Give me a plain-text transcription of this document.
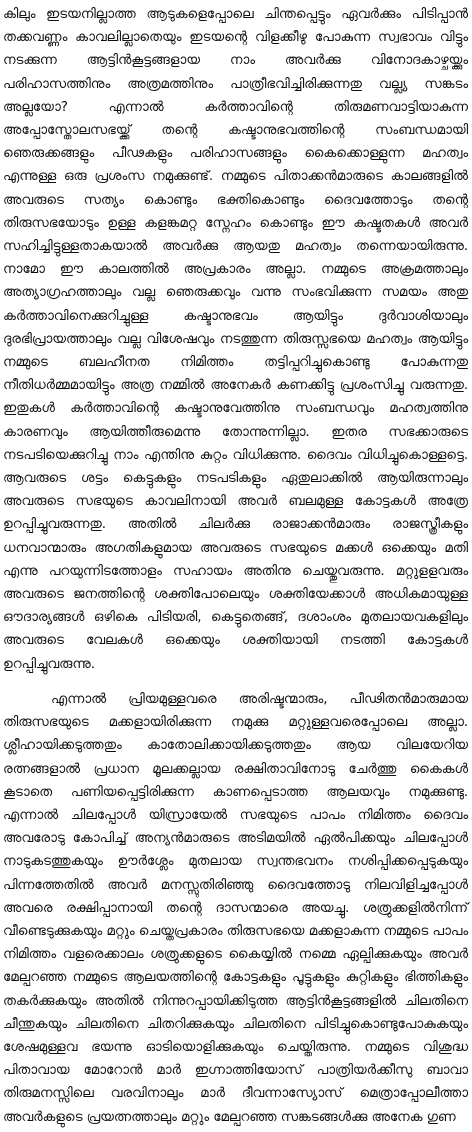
കിലും ഇടയനില്ലാത്ത ആടുകളെപ്പോലെ ചിന്തപ്പെട്ടും ഏവർക്കും പിടിപ്പാൻ തക്കവണ്ണം കാവലില്ലാതെയും ഇടയന്റെ വിളക്കീഴു പോകുന്ന സ്വഭാവം വിട്ടും നടക്കുന്ന ആട്ടിൻകൂട്ടങ്ങളായ നാം അവർക്കു വിനോദകാഴ്ചയ്ക്കും പരിഹാസത്തിനും അത്രമത്തിനും പാത്രീഭവിച്ചിരിക്കുന്നതു വല്ല്യ സങ്കടം അല്ലയോ? എന്നാൽ കർത്താവിന്റെ തിരുമണവാട്ടിയാകുന്ന അപ്പോസ്തോലസഭയ്ക്ക് തന്റെ കഷ്ടാനുഭവത്തിന്റെ സംബന്ധമായി ഞെരുക്കങ്ങളും പീഢകളും പരിഹാസങ്ങളും കൈക്കൊള്ളുന്ന മഹത്വം എന്നുള്ള ഒരു പ്രശംസ നമുക്കുണ്ട്. നമ്മുടെ പിതാക്കൻമാരുടെ കാലങ്ങളിൽ അവരുടെ സത്യം കൊണ്ടും ഭക്തികൊണ്ടും ദൈവത്തോടും തന്റെ തിരുസഭയോടും ഉള്ള കളങ്കമറ്റ സ്നേഹം കൊണ്ടും ഈ കഷ്ടതകൾ അവർ സഹിച്ചിട്ടുള്ളതാകയാൽ അവർക്കു ആയതു മഹത്വം തന്നെയായിരുന്നു. നാമോ ഈ കാലത്തിൽ അപ്രകാരം അല്ലാ. നമ്മുടെ അക്രമത്താലും അത്യാഗ്രഹത്താലും വല്ല ഞെരുക്കവും വന്നു സംഭവിക്കുന്ന സമയം അതു കർത്താവിനെക്കുറിച്ചുള്ള കഷ്ടാനുഭവം ആയിട്ടും ദുർവാശിയാലും ദുരഭിപ്രായത്താലും വല്ല വിശേഷവും നടത്തുന്ന തിരുസ്സഭയെ മഹത്വം ആയിട്ടും നമ്മുടെ ബലഹീനത നിമിത്തം തട്ടിപ്പറിച്ചുകൊണ്ടു പോകുന്നതു നീതിധർമ്മമായിട്ടും അത്ര നമ്മിൽ അനേകർ കണക്കിട്ടു പ്രശംസിച്ചു വരുന്നതു. ഇതുകൾ കർത്താവിന്റെ കഷ്ടാനുവേത്തിനു സംബന്ധവും മഹത്വത്തിനു കാരണവും ആയിത്തീരുമെന്നു തോന്നുന്നില്ലാ. ഇതര സഭക്കാരുടെ നടപടിയെക്കുറിച്ചു നാം എന്തിനു കുറ്റം വിധിക്കുന്നു. ദൈവം വിധിച്ചുകൊള്ളട്ടെ. ആവരുടെ ശട്ടം കെട്ടുകളും നടപടികളും ഏതുലാക്കിൽ ആയിരുന്നാലും അവരുടെ സഭയുടെ കാവലിനായി അവർ ബലമുള്ള കോട്ടകൾ അത്രേ ഉറപ്പിച്ചുവരുന്നതു. അതിൽ ചിലർക്കു രാജാക്കൻമാരും രാജസ്ത്രീകളും ധനവാന്മാരും അഗതികളുമായ അവരുടെ സഭയുടെ മക്കൾ ഒക്കെയും മതി എന്നു പറയുന്നിടത്തോളം സഹായം അതിനു ചെയ്തുവരുന്നു. മറ്റുളളവരും അവരുടെ ജനത്തിന്റെ ശക്തിപോലെയും ശക്തിയേക്കാൾ അധികമായുള്ള ഔദാര്യങ്ങൾ ഒഴികെ പിടിയരി, കെട്ടുതെങ്ങ്, ദശാംശം മുതലായവകളിലും അവരുടെ വേലകൾ ഒക്കെയും ശക്തിയായി നടത്തി കോട്ടകൾ ഉറപ്പിച്ചുവരുന്നു.

എന്നാൽ പ്രിയമുള്ളവരെ അരിഷ്ടന്മാരും, പീഢിതൻമാരുമായ തിരുസഭയുടെ മക്കളായിരിക്കുന്ന നമുക്കു മറ്റുള്ളവരെപ്പോലെ അല്ലാ. ശ്ലീഹായിക്കടുത്തതും കാതോലിക്കായിക്കടുത്തതും ആയ വിലയേറിയ രത്നങ്ങളാൽ പ്രധാന മൂലക്കല്ലായ രക്ഷിതാവിനോടു ചേർത്തു കൈകൾ കൂടാതെ പണിയപ്പെട്ടിരിക്കുന്ന കാണപ്പെടാത്ത ആലയവും നമുക്കുണ്ടു. എന്നാൽ ചിലപ്പോൾ യിസ്രായേൽ സഭയുടെ പാപം നിമിത്തം ദൈവം അവരോടു കോപിച്ച് അന്യൻമാരുടെ അടിമയിൽ ഏൽപിക്കയും ചിലപ്പോൾ നാടുകടത്തുകയും ഊർശ്ലേം മുതലായ സ്വന്തഭവനം നശിപ്പിക്കപ്പെടുകയും പിന്നത്തേതിൽ അവർ മനസ്സുതിരിഞ്ഞു ദൈവത്തോടു നിലവിളിച്ചപ്പോൾ അവരെ രക്ഷിപ്പാനായി തന്റെ ദാസന്മാരെ അയച്ചു. ശത്രുക്കളിൽനിന്ന് വീണ്ടെടുക്കുകയും മറ്റും ചെയ്തപ്രകാരം തിരുസഭയെ മക്കളാകുന്ന നമ്മുടെ പാപം നിമിത്തം വളരെക്കാലം ശത്രുക്കളുടെ കൈയ്യിൽ നമ്മെ ഏല്പിക്കുകയും അവർ മേല്പറഞ്ഞ നമ്മുടെ ആലയത്തിന്റെ കോട്ടകളും പൂട്ടുകളും കുറ്റികളും ഭിത്തികളും തകർക്കുകയും അതിൽ നിന്നുറപ്പായിക്കിടുത്ത ആട്ടിൻകൂട്ടങ്ങളിൽ ചിലതിനെ ചീന്തുകയും ചിലതിനെ ചിതറിക്കുകയും ചിലതിനെ പിടിച്ചുകൊണ്ടുപോകുകയും ശേഷമുള്ളവ ഭയന്നു ഓടിയൊളിക്കുകയും ചെയ്തിരുന്നു. നമ്മുടെ വിശുദ്ധ പിതാവായ മോറോൻ മാർ ഇഗ്നാത്തിയോസ് പാത്രിയർക്കീസു ബാവാ തിരുമനസ്സിലെ വരവിനാലും മാർ ദീവന്നാസ്യോസ് മെത്രാപ്പോലീത്താ അവർകളുടെ പ്രയത്നത്താലും മറ്റും മേല്പറഞ്ഞ സങ്കടങ്ങൾക്കു അനേക ഗുണ
